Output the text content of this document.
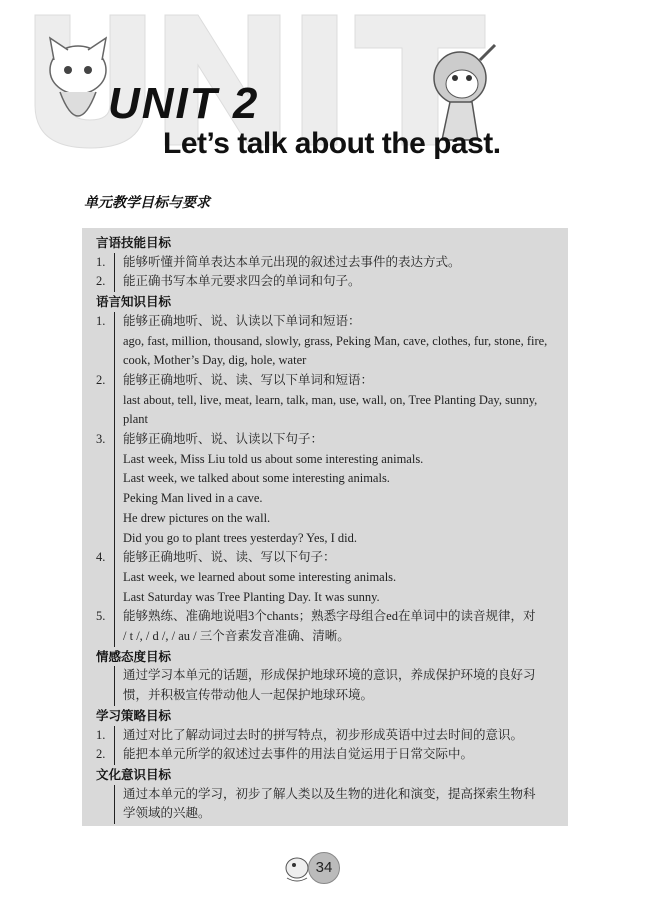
UNIT 2
Let’s talk about the past.
单元教学目标与要求
言语技能目标
1.	能够听懂并简单表达本单元出现的叙述过去事件的表达方式。
2.	能正确书写本单元要求四会的单词和句子。
语言知识目标
1.	能够正确地听、说、认读以下单词和短语：
ago, fast, million, thousand, slowly, grass, Peking Man, cave, clothes, fur, stone, fire,
cook, Mother’s Day, dig, hole, water
2.	能够正确地听、说、读、写以下单词和短语：
last about, tell, live, meat, learn, talk, man, use, wall, on, Tree Planting Day, sunny,
plant
3.	能够正确地听、说、认读以下句子：
Last week, Miss Liu told us about some interesting animals.
Last week, we talked about some interesting animals.
Peking Man lived in a cave.
He drew pictures on the wall.
Did you go to plant trees yesterday? Yes, I did.
4.	能够正确地听、说、读、写以下句子：
Last week, we learned about some interesting animals.
Last Saturday was Tree Planting Day. It was sunny.
5.	能够熟练、准确地说唱3个chants；熟悉字母组合ed在单词中的读音规律，对
/ t /, / d /, / au / 三个音素发音准确、清晰。
情感态度目标
通过学习本单元的话题，形成保护地球环境的意识，养成保护环境的良好习
惯，并积极宣传带动他人一起保护地球环境。
学习策略目标
1.	通过对比了解动词过去时的拼写特点，初步形成英语中过去时间的意识。
2.	能把本单元所学的叙述过去事件的用法自觉运用于日常交际中。
文化意识目标
通过本单元的学习，初步了解人类以及生物的进化和演变，提高探索生物科
学领域的兴趣。
34
